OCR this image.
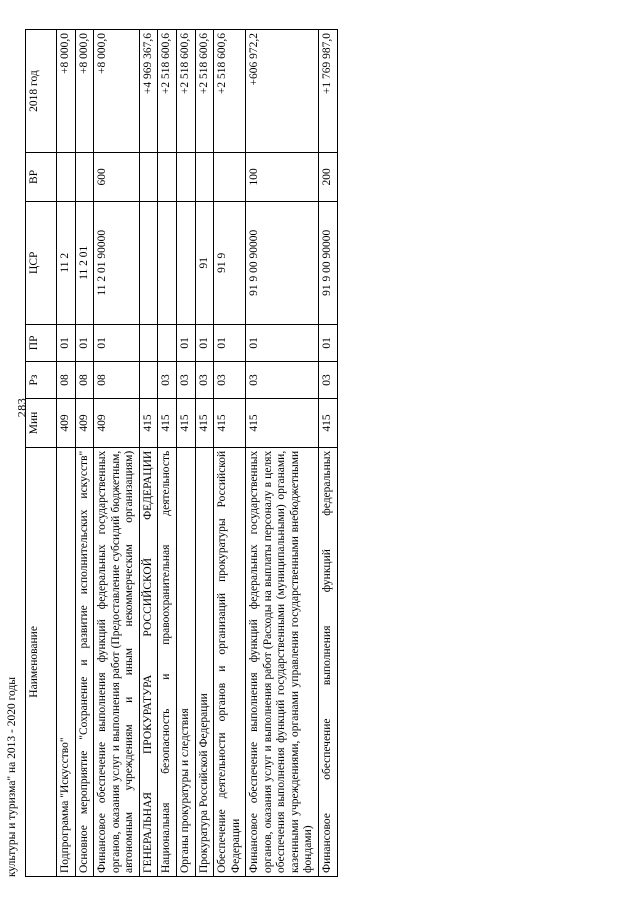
283
культуры и туризма" на 2013 - 2020 годы
Наименование	Мин	Рз	ПР	ЦСР	ВР	2018 год
Подпрограмма "Искусство"	409	08	01	11 2		+8 000,0
Основное мероприятие "Сохранение и развитие исполнительских искусств"	409	08	01	11 2 01		+8 000,0
Финансовое обеспечение выполнения функций федеральных государственных органов, оказания услуг и выполнения работ (Предоставление субсидий бюджетным, автономным учреждениям и иным некоммерческим организациям)	409	08	01	11 2 01 90000	600	+8 000,0
ГЕНЕРАЛЬНАЯ ПРОКУРАТУРА РОССИЙСКОЙ ФЕДЕРАЦИИ	415					+4 969 367,6
Национальная безопасность и правоохранительная деятельность	415	03				+2 518 600,6
Органы прокуратуры и следствия	415	03	01			+2 518 600,6
Прокуратура Российской Федерации	415	03	01	91		+2 518 600,6
Обеспечение деятельности органов и организаций прокуратуры Российской Федерации	415	03	01	91 9		+2 518 600,6
Финансовое обеспечение выполнения функций федеральных государственных органов, оказания услуг и выполнения работ (Расходы на выплаты персоналу в целях обеспечения выполнения функций государственными (муниципальными) органами, казенными учреждениями, органами управления государственными внебюджетными фондами)	415	03	01	91 9 00 90000	100	+606 972,2
Финансовое обеспечение выполнения функций федеральных	415	03	01	91 9 00 90000	200	+1 769 987,0
